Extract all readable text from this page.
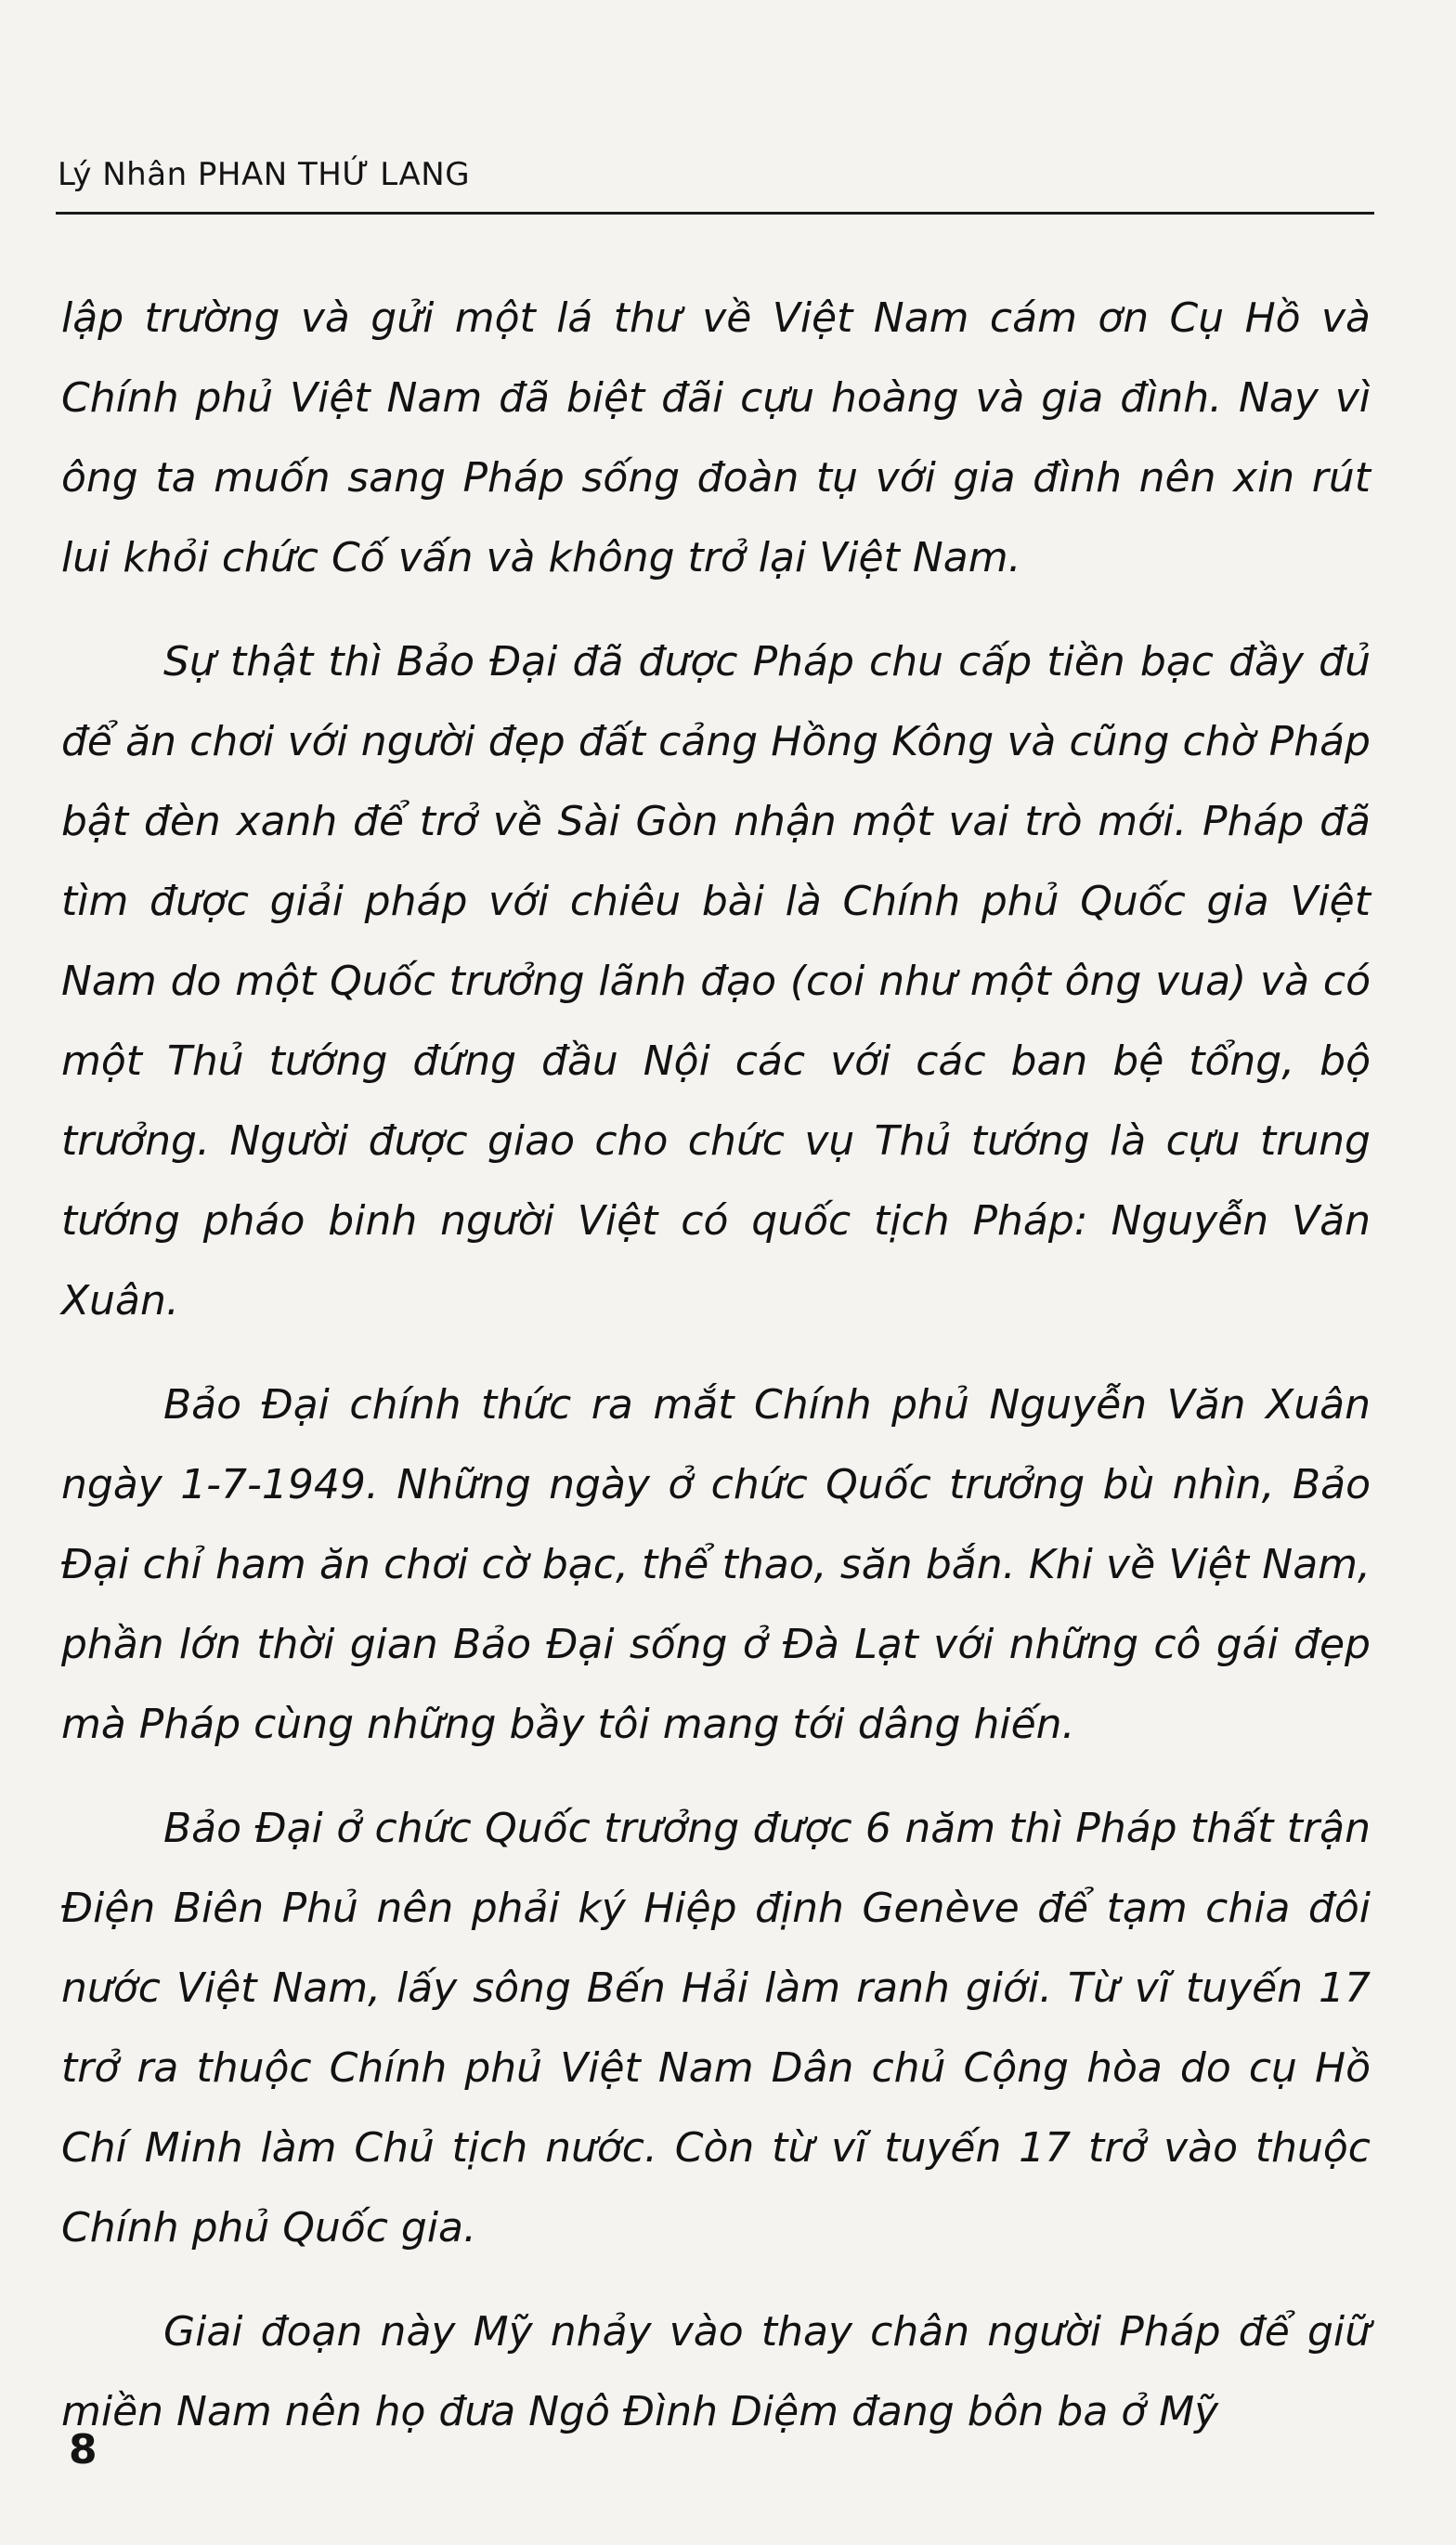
Lý Nhân PHAN THỨ LANG

lập trường và gửi một lá thư về Việt Nam cám ơn Cụ Hồ và Chính phủ Việt Nam đã biệt đãi cựu hoàng và gia đình. Nay vì ông ta muốn sang Pháp sống đoàn tụ với gia đình nên xin rút lui khỏi chức Cố vấn và không trở lại Việt Nam.

Sự thật thì Bảo Đại đã được Pháp chu cấp tiền bạc đầy đủ để ăn chơi với người đẹp đất cảng Hồng Kông và cũng chờ Pháp bật đèn xanh để trở về Sài Gòn nhận một vai trò mới. Pháp đã tìm được giải pháp với chiêu bài là Chính phủ Quốc gia Việt Nam do một Quốc trưởng lãnh đạo (coi như một ông vua) và có một Thủ tướng đứng đầu Nội các với các ban bệ tổng, bộ trưởng. Người được giao cho chức vụ Thủ tướng là cựu trung tướng pháo binh người Việt có quốc tịch Pháp: Nguyễn Văn Xuân.

Bảo Đại chính thức ra mắt Chính phủ Nguyễn Văn Xuân ngày 1-7-1949. Những ngày ở chức Quốc trưởng bù nhìn, Bảo Đại chỉ ham ăn chơi cờ bạc, thể thao, săn bắn. Khi về Việt Nam, phần lớn thời gian Bảo Đại sống ở Đà Lạt với những cô gái đẹp mà Pháp cùng những bầy tôi mang tới dâng hiến.

Bảo Đại ở chức Quốc trưởng được 6 năm thì Pháp thất trận Điện Biên Phủ nên phải ký Hiệp định Genève để tạm chia đôi nước Việt Nam, lấy sông Bến Hải làm ranh giới. Từ vĩ tuyến 17 trở ra thuộc Chính phủ Việt Nam Dân chủ Cộng hòa do cụ Hồ Chí Minh làm Chủ tịch nước. Còn từ vĩ tuyến 17 trở vào thuộc Chính phủ Quốc gia.

Giai đoạn này Mỹ nhảy vào thay chân người Pháp để giữ miền Nam nên họ đưa Ngô Đình Diệm đang bôn ba ở Mỹ

8
